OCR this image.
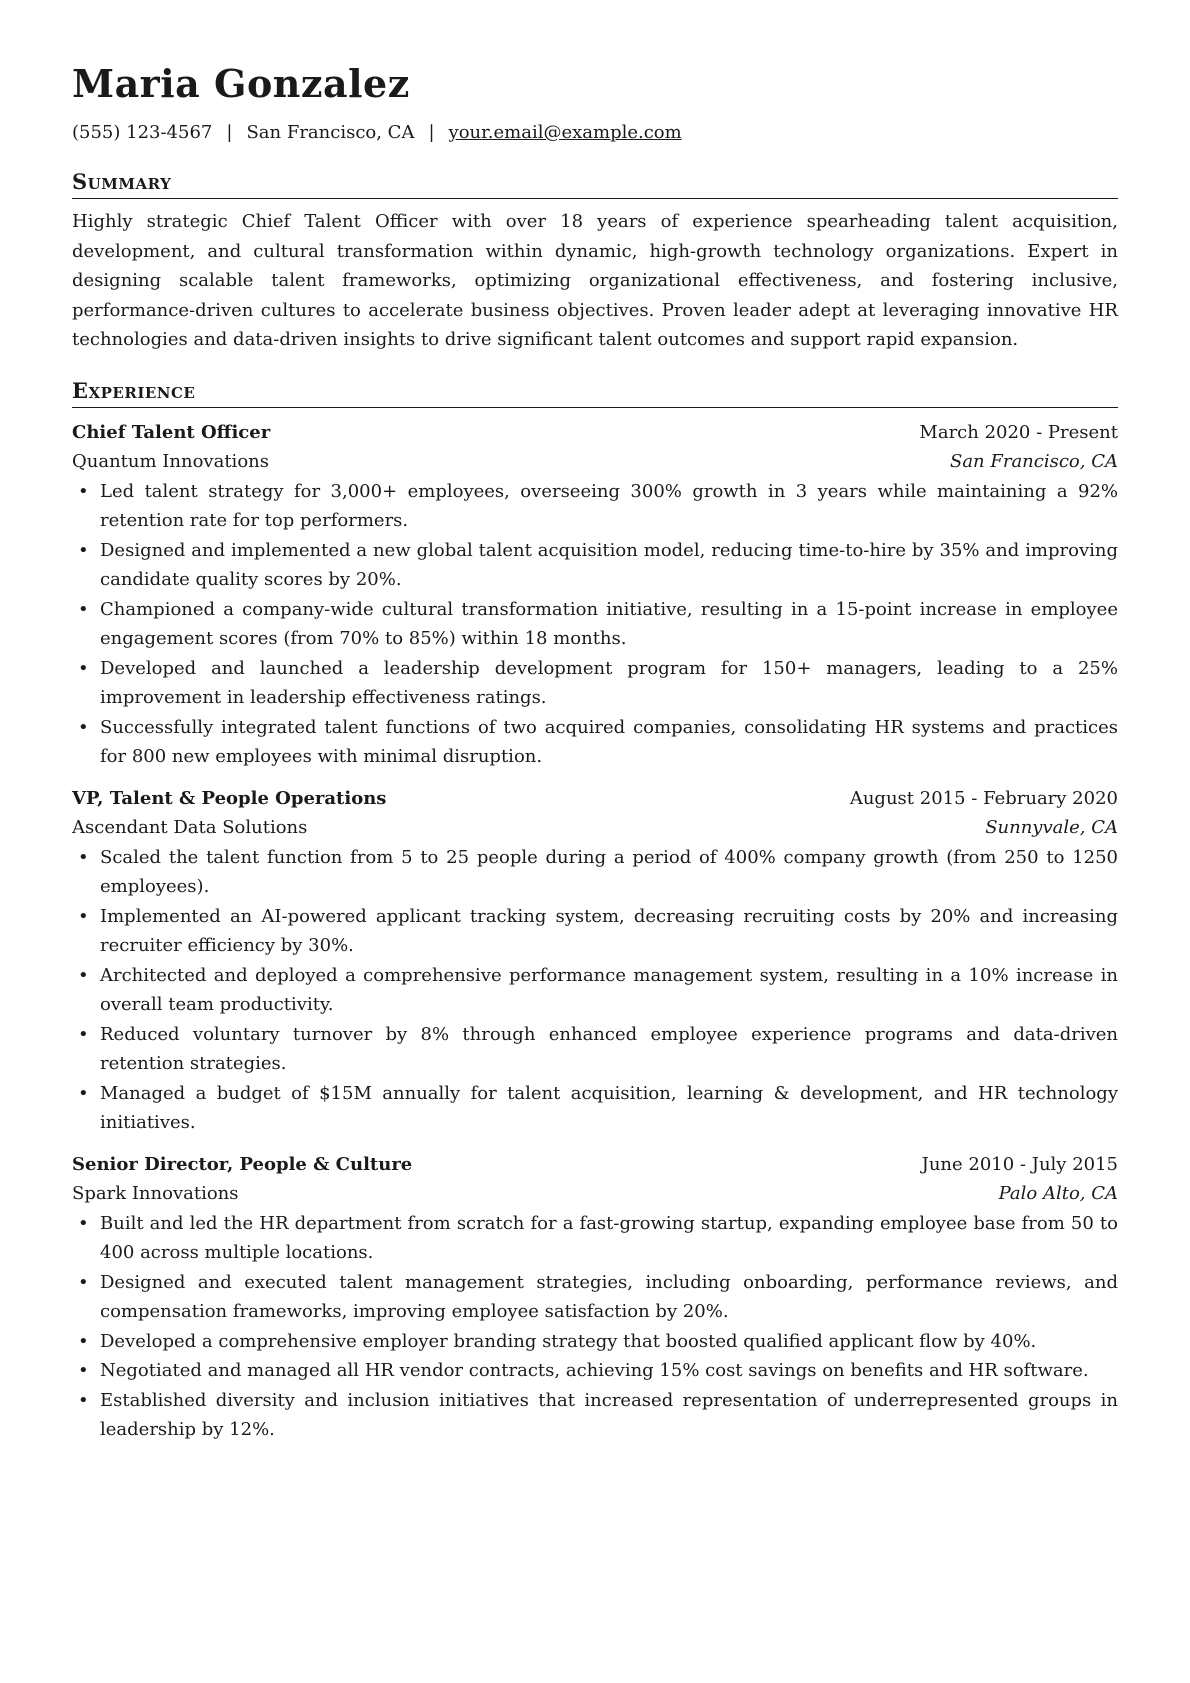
Maria Gonzalez
(555) 123-4567 | San Francisco, CA | your.email@example.com
Summary
Highly strategic Chief Talent Officer with over 18 years of experience spearheading talent acquisition, development, and cultural transformation within dynamic, high-growth technology organizations. Expert in designing scalable talent frameworks, optimizing organizational effectiveness, and fostering inclusive, performance-driven cultures to accelerate business objectives. Proven leader adept at leveraging innovative HR technologies and data-driven insights to drive significant talent outcomes and support rapid expansion.
Experience
Chief Talent Officer	March 2020 - Present
Quantum Innovations	San Francisco, CA
• Led talent strategy for 3,000+ employees, overseeing 300% growth in 3 years while maintaining a 92% retention rate for top performers.
• Designed and implemented a new global talent acquisition model, reducing time-to-hire by 35% and improving candidate quality scores by 20%.
• Championed a company-wide cultural transformation initiative, resulting in a 15-point increase in employee engagement scores (from 70% to 85%) within 18 months.
• Developed and launched a leadership development program for 150+ managers, leading to a 25% improvement in leadership effectiveness ratings.
• Successfully integrated talent functions of two acquired companies, consolidating HR systems and practices for 800 new employees with minimal disruption.
VP, Talent & People Operations	August 2015 - February 2020
Ascendant Data Solutions	Sunnyvale, CA
• Scaled the talent function from 5 to 25 people during a period of 400% company growth (from 250 to 1250 employees).
• Implemented an AI-powered applicant tracking system, decreasing recruiting costs by 20% and increasing recruiter efficiency by 30%.
• Architected and deployed a comprehensive performance management system, resulting in a 10% increase in overall team productivity.
• Reduced voluntary turnover by 8% through enhanced employee experience programs and data-driven retention strategies.
• Managed a budget of $15M annually for talent acquisition, learning & development, and HR technology initiatives.
Senior Director, People & Culture	June 2010 - July 2015
Spark Innovations	Palo Alto, CA
• Built and led the HR department from scratch for a fast-growing startup, expanding employee base from 50 to 400 across multiple locations.
• Designed and executed talent management strategies, including onboarding, performance reviews, and compensation frameworks, improving employee satisfaction by 20%.
• Developed a comprehensive employer branding strategy that boosted qualified applicant flow by 40%.
• Negotiated and managed all HR vendor contracts, achieving 15% cost savings on benefits and HR software.
• Established diversity and inclusion initiatives that increased representation of underrepresented groups in leadership by 12%.
